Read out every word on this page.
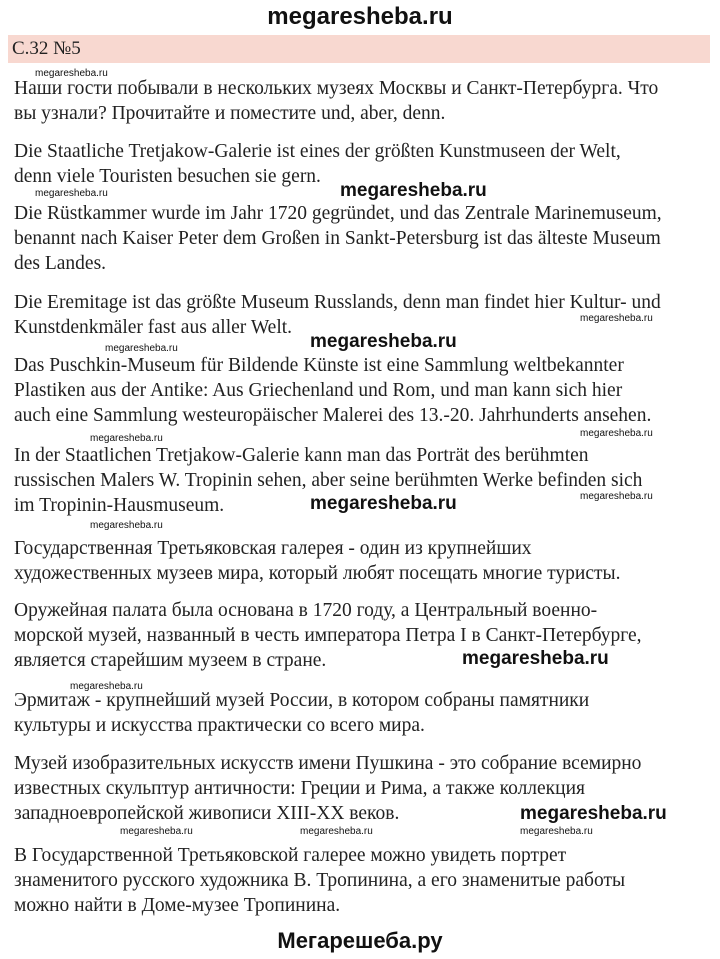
megaresheba.ru
С.32 №5
Наши гости побывали в нескольких музеях Москвы и Санкт-Петербурга. Что
вы узнали? Прочитайте и поместите und, aber, denn.
Die Staatliche Tretjakow-Galerie ist eines der größten Kunstmuseen der Welt,
denn viele Touristen besuchen sie gern.
Die Rüstkammer wurde im Jahr 1720 gegründet, und das Zentrale Marinemuseum,
benannt nach Kaiser Peter dem Großen in Sankt-Petersburg ist das älteste Museum
des Landes.
Die Eremitage ist das größte Museum Russlands, denn man findet hier Kultur- und
Kunstdenkmäler fast aus aller Welt.
Das Puschkin-Museum für Bildende Künste ist eine Sammlung weltbekannter
Plastiken aus der Antike: Aus Griechenland und Rom, und man kann sich hier
auch eine Sammlung westeuropäischer Malerei des 13.-20. Jahrhunderts ansehen.
In der Staatlichen Tretjakow-Galerie kann man das Porträt des berühmten
russischen Malers W. Tropinin sehen, aber seine berühmten Werke befinden sich
im Tropinin-Hausmuseum.
Государственная Третьяковская галерея - один из крупнейших
художественных музеев мира, который любят посещать многие туристы.
Оружейная палата была основана в 1720 году, а Центральный военно-
морской музей, названный в честь императора Петра I в Санкт-Петербурге,
является старейшим музеем в стране.
Эрмитаж - крупнейший музей России, в котором собраны памятники
культуры и искусства практически со всего мира.
Музей изобразительных искусств имени Пушкина - это собрание всемирно
известных скульптур античности: Греции и Рима, а также коллекция
западноевропейской живописи XIII-XX веков.
В Государственной Третьяковской галерее можно увидеть портрет
знаменитого русского художника В. Тропинина, а его знаменитые работы
можно найти в Доме-музее Тропинина.
megaresheba.ru
megaresheba.ru
megaresheba.ru
megaresheba.ru
megaresheba.ru
megaresheba.ru
megaresheba.ru
megaresheba.ru
megaresheba.ru
megaresheba.ru	megaresheba.ru	megaresheba.ru
megaresheba.ru
megaresheba.ru
megaresheba.ru
megaresheba.ru
megaresheba.ru
Мегарешеба.ру
